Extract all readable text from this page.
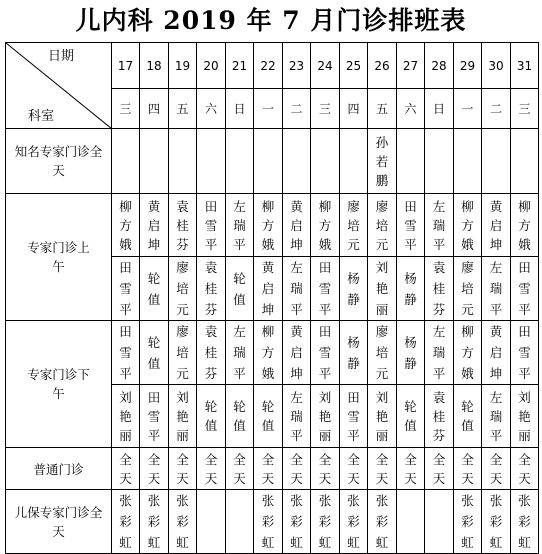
儿内科 2019 年 7 月门诊排班表
日期
科室	17	18	19	20	21	22	23	24	25	26	27	28	29	30	31
	三	四	五	六	日	一	二	三	四	五	六	日	一	二	三

知名专家门诊全天										孙若鹏					

专家门诊上午	柳方娥	黄启坤	袁桂芬	田雪平	左瑞平	柳方娥	黄启坤	柳方娥	廖培元	廖培元	田雪平	左瑞平	柳方娥	黄启坤	柳方娥

	田雪平	轮值	廖培元	袁桂芬	轮值	黄启坤	左瑞平	田雪平	杨静	刘艳丽	杨静	袁桂芬	廖培元	左瑞平	田雪平

专家门诊下午	田雪平	轮值	廖培元	袁桂芬	左瑞平	柳方娥	黄启坤	田雪平	杨静	廖培元	杨静	左瑞平	柳方娥	黄启坤	田雪平

	刘艳丽	田雪平	刘艳丽	轮值	轮值	轮值	左瑞平	刘艳丽	田雪平	刘艳丽	轮值	袁桂芬	轮值	左瑞平	刘艳丽

普通门诊	全天	全天	全天	全天	全天	全天	全天	全天	全天	全天	全天	全天	全天	全天	全天

儿保专家门诊全天	张彩虹	张彩虹	张彩虹			张彩虹	张彩虹	张彩虹	张彩虹	张彩虹			张彩虹	张彩虹	张彩虹
